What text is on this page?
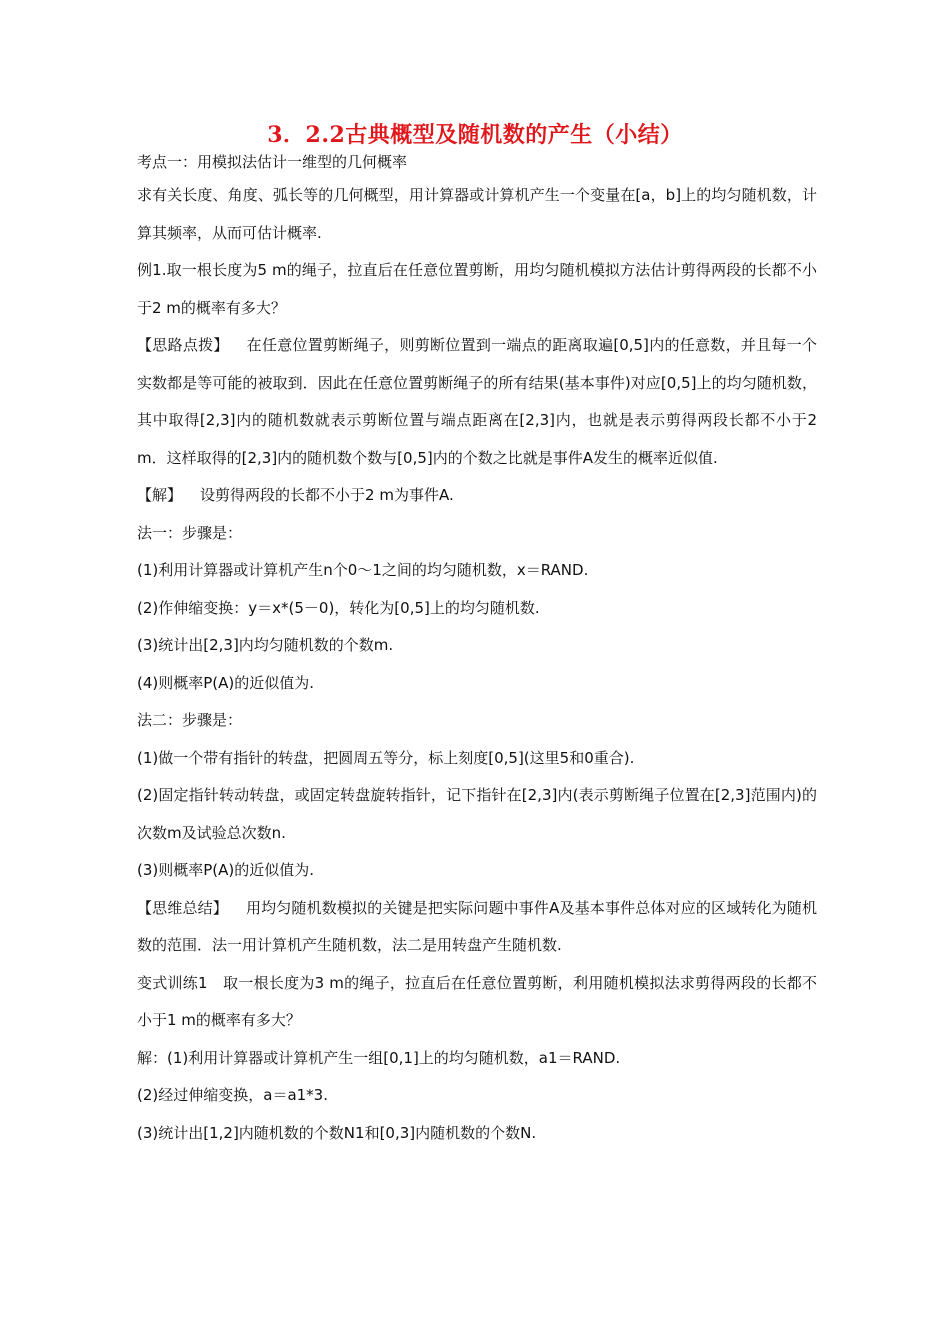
3．2.2古典概型及随机数的产生（小结）

考点一：用模拟法估计一维型的几何概率

求有关长度、角度、弧长等的几何概型，用计算器或计算机产生一个变量在[a，b]上的均匀随机数，计算其频率，从而可估计概率.

例1.取一根长度为5 m的绳子，拉直后在任意位置剪断，用均匀随机模拟方法估计剪得两段的长都不小于2 m的概率有多大？

【思路点拨】 在任意位置剪断绳子，则剪断位置到一端点的距离取遍[0,5]内的任意数，并且每一个实数都是等可能的被取到．因此在任意位置剪断绳子的所有结果(基本事件)对应[0,5]上的均匀随机数，其中取得[2,3]内的随机数就表示剪断位置与端点距离在[2,3]内，也就是表示剪得两段长都不小于2 m．这样取得的[2,3]内的随机数个数与[0,5]内的个数之比就是事件A发生的概率近似值.

【解】 设剪得两段的长都不小于2 m为事件A.

法一：步骤是：

(1)利用计算器或计算机产生n个0～1之间的均匀随机数，x＝RAND.

(2)作伸缩变换：y＝x*(5－0)，转化为[0,5]上的均匀随机数.

(3)统计出[2,3]内均匀随机数的个数m.

(4)则概率P(A)的近似值为.

法二：步骤是：

(1)做一个带有指针的转盘，把圆周五等分，标上刻度[0,5](这里5和0重合).

(2)固定指针转动转盘，或固定转盘旋转指针，记下指针在[2,3]内(表示剪断绳子位置在[2,3]范围内)的次数m及试验总次数n.

(3)则概率P(A)的近似值为.

【思维总结】 用均匀随机数模拟的关键是把实际问题中事件A及基本事件总体对应的区域转化为随机数的范围．法一用计算机产生随机数，法二是用转盘产生随机数.

变式训练1　取一根长度为3 m的绳子，拉直后在任意位置剪断，利用随机模拟法求剪得两段的长都不小于1 m的概率有多大？

解：(1)利用计算器或计算机产生一组[0,1]上的均匀随机数，a1＝RAND.

(2)经过伸缩变换，a＝a1*3.

(3)统计出[1,2]内随机数的个数N1和[0,3]内随机数的个数N.
